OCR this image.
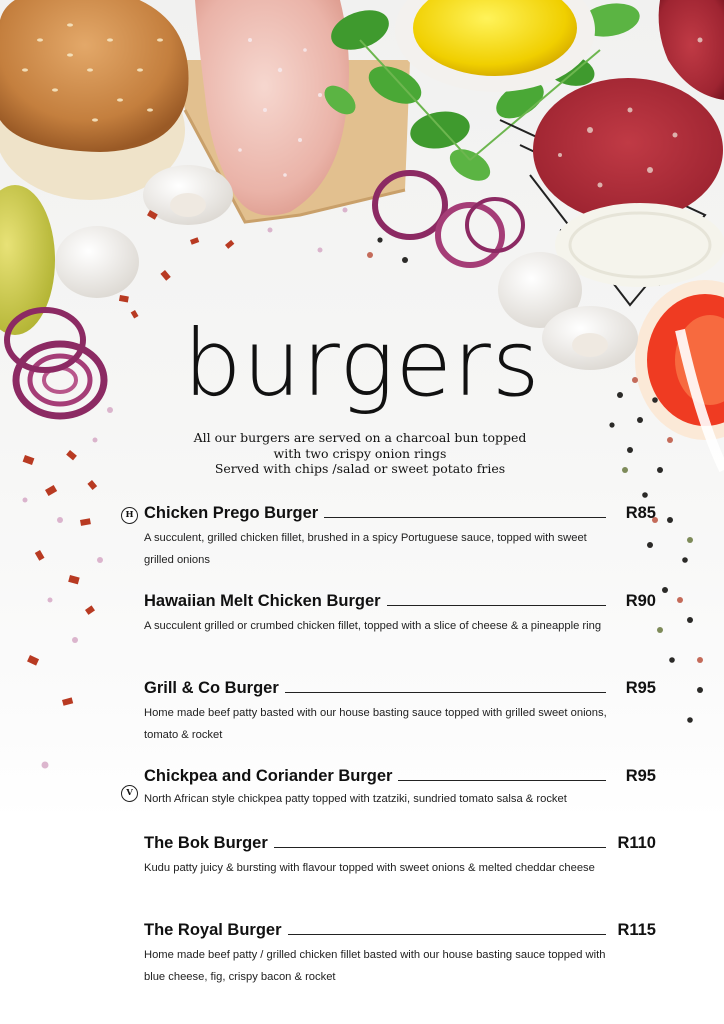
burgers
All our burgers are served on a charcoal bun topped
with two crispy onion rings
Served with chips /salad or sweet potato fries
H
V
Chicken Prego Burger	R85
A succulent, grilled chicken fillet, brushed in a spicy Portuguese sauce, topped with sweet grilled onions
Hawaiian Melt Chicken Burger	R90
A succulent grilled or crumbed chicken fillet, topped with a slice of cheese & a pineapple ring
Grill & Co Burger	R95
Home made beef patty basted with our house basting sauce topped with grilled sweet onions, tomato & rocket
Chickpea and Coriander Burger	R95
North African style chickpea patty topped with tzatziki, sundried tomato salsa & rocket
The Bok Burger	R110
Kudu patty juicy & bursting with flavour topped with sweet onions & melted cheddar cheese
The Royal Burger	R115
Home made beef patty / grilled chicken fillet basted with our house basting sauce topped with blue cheese, fig, crispy bacon & rocket
